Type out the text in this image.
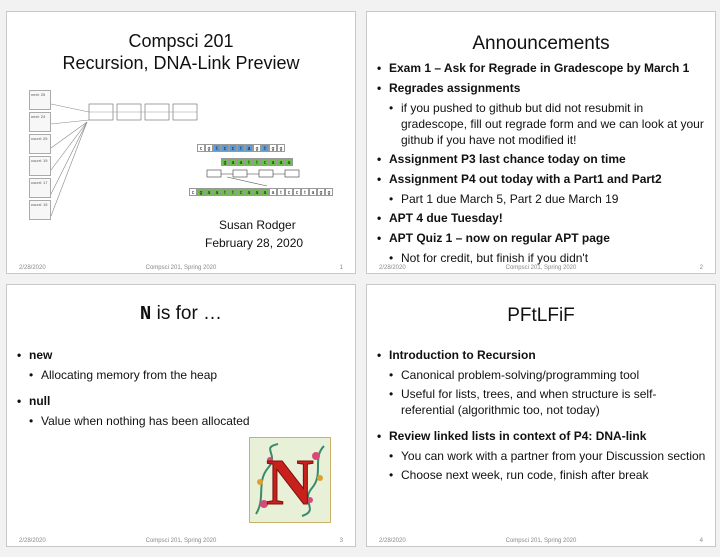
Compsci 201
Recursion, DNA-Link Preview
next: 25
next: 24
count: 25
count: 19
count: 17
count: 15
c	g	t	c	c	t	a	g	t	g	g
g	a	a	t	t	c	a	a	a
c	g	a	a	t	t	c	a	a	a	a	t	c	c	t	a	g	g
Susan Rodger
February 28, 2020
2/28/2020	Compsci 201, Spring 2020	1
Announcements
• Exam 1 – Ask for Regrade in Gradescope by March 1
• Regrades assignments
• if you pushed to github but did not resubmit in gradescope, fill out regrade form and we can look at your github if you have not modified it!
• Assignment P3 last chance today on time
• Assignment P4 out today with a Part1 and Part2
• Part 1 due March 5, Part 2 due March 19
• APT 4 due Tuesday!
• APT Quiz 1 – now on regular APT page
• Not for credit, but finish if you didn't
2/28/2020	Compsci 201, Spring 2020	2
N is for …
• new
• Allocating memory from the heap
• null
• Value when nothing has been allocated
N
2/28/2020	Compsci 201, Spring 2020	3
PFtLFiF
• Introduction to Recursion
• Canonical problem-solving/programming tool
• Useful for lists, trees, and when structure is self-referential (algorithmic too, not today)
• Review linked lists in context of P4: DNA-link
• You can work with a partner from your Discussion section
• Choose next week, run code, finish after break
2/28/2020	Compsci 201, Spring 2020	4
